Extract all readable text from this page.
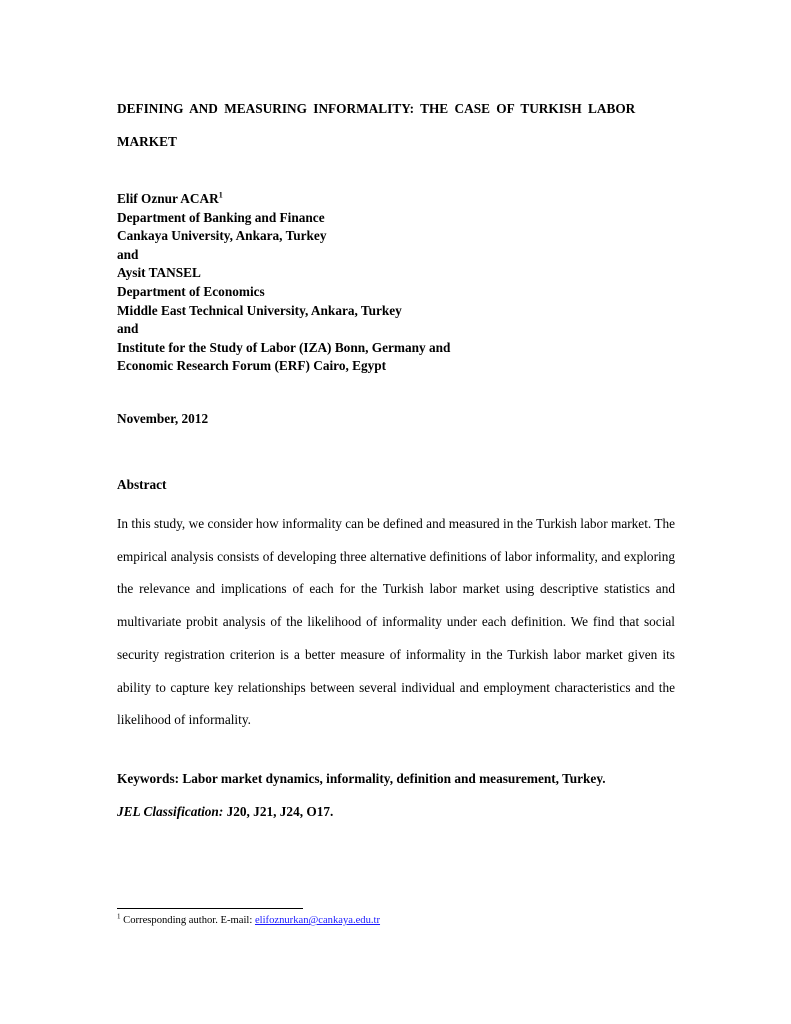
DEFINING AND MEASURING INFORMALITY: THE CASE OF TURKISH LABOR MARKET
Elif Oznur ACAR$^1$
Department of Banking and Finance
Cankaya University, Ankara, Turkey
and
Aysit TANSEL
Department of Economics
Middle East Technical University, Ankara, Turkey
and
Institute for the Study of Labor (IZA) Bonn, Germany and
Economic Research Forum (ERF) Cairo, Egypt
November, 2012
Abstract
In this study, we consider how informality can be defined and measured in the Turkish labor market. The empirical analysis consists of developing three alternative definitions of labor informality, and exploring the relevance and implications of each for the Turkish labor market using descriptive statistics and multivariate probit analysis of the likelihood of informality under each definition. We find that social security registration criterion is a better measure of informality in the Turkish labor market given its ability to capture key relationships between several individual and employment characteristics and the likelihood of informality.
Keywords: Labor market dynamics, informality, definition and measurement, Turkey.
JEL Classification: J20, J21, J24, O17.
$^1$ Corresponding author. E-mail: elifoznurkan@cankaya.edu.tr
